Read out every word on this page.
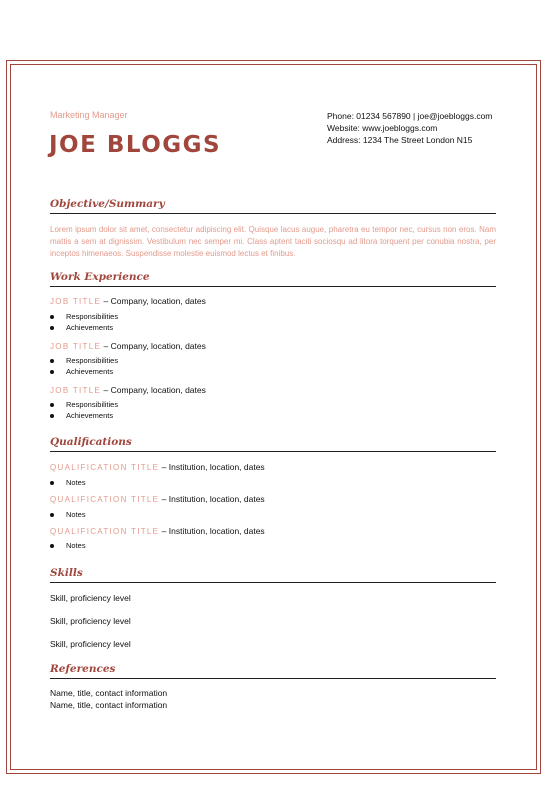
Marketing Manager
JOE BLOGGS
Phone: 01234 567890 | joe@joebloggs.com
Website: www.joebloggs.com
Address: 1234 The Street London N15
Objective/Summary
Lorem ipsum dolor sit amet, consectetur adipiscing elit. Quisque lacus augue, pharetra eu tempor nec, cursus non eros. Nam mattis a sem at dignissim. Vestibulum nec semper mi. Class aptent taciti sociosqu ad litora torquent per conubia nostra, per inceptos himenaeos. Suspendisse molestie euismod lectus et finibus.
Work Experience
JOB TITLE – Company, location, dates
Responsibilities
Achievements
JOB TITLE – Company, location, dates
Responsibilities
Achievements
JOB TITLE – Company, location, dates
Responsibilities
Achievements
Qualifications
QUALIFICATION TITLE – Institution, location, dates
Notes
QUALIFICATION TITLE – Institution, location, dates
Notes
QUALIFICATION TITLE – Institution, location, dates
Notes
Skills
Skill, proficiency level
Skill, proficiency level
Skill, proficiency level
References
Name, title, contact information
Name, title, contact information
